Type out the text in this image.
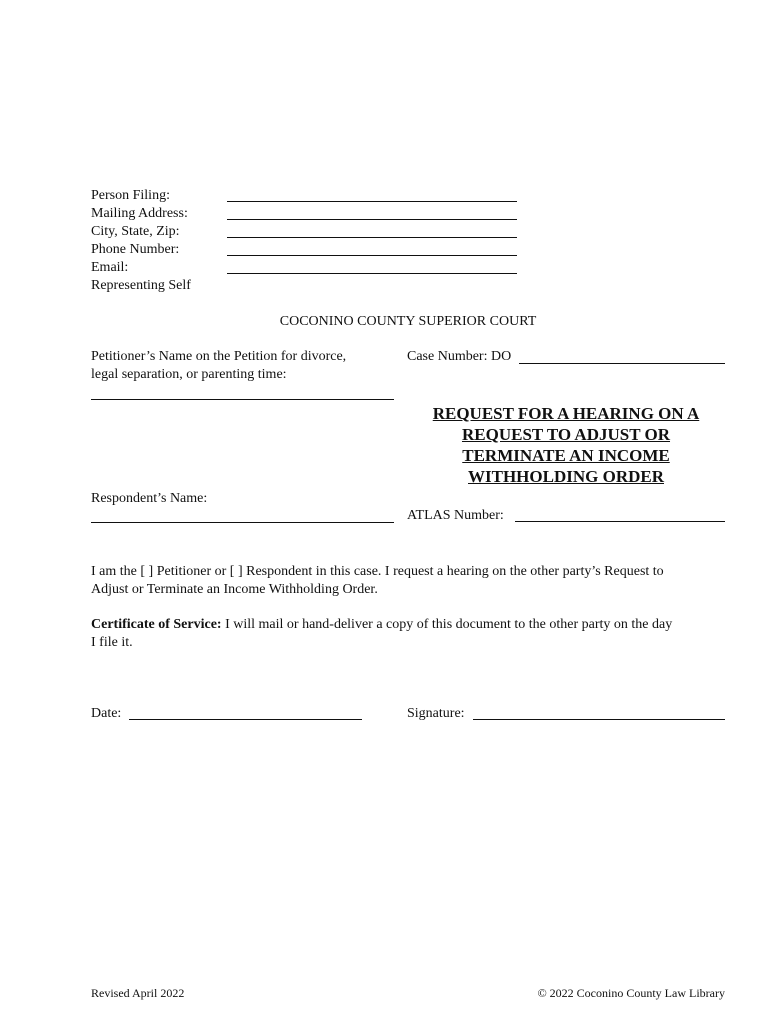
Person Filing:
Mailing Address:
City, State, Zip:
Phone Number:
Email:
Representing Self
COCONINO COUNTY SUPERIOR COURT
Petitioner’s Name on the Petition for divorce,
legal separation, or parenting time:
Case Number: DO
REQUEST FOR A HEARING ON A
REQUEST TO ADJUST OR
TERMINATE AN INCOME
WITHHOLDING ORDER
Respondent’s Name:
ATLAS Number:
I am the [ ] Petitioner or [ ] Respondent in this case. I request a hearing on the other party’s Request to
Adjust or Terminate an Income Withholding Order.
Certificate of Service: I will mail or hand-deliver a copy of this document to the other party on the day
I file it.
Date:	Signature:
Revised April 2022	© 2022 Coconino County Law Library
